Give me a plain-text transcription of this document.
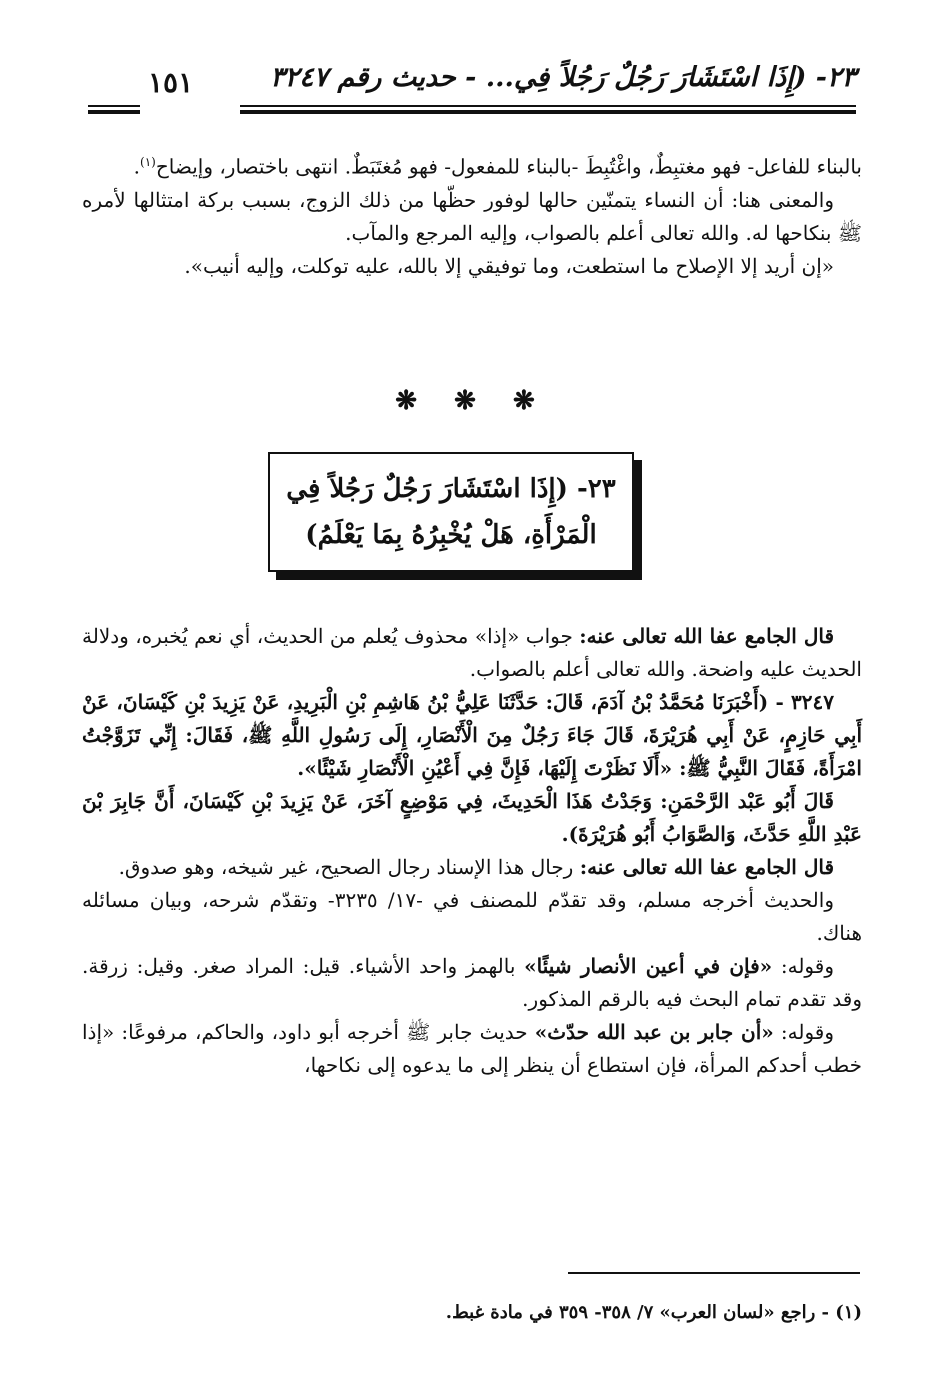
٢٣- (إِذَا اسْتَشَارَ رَجُلٌ رَجُلاً فِي... - حديث رقم ٣٢٤٧
١٥١

بالبناء للفاعل- فهو مغتبِطٌ، واغْتُبِطَ -بالبناء للمفعول- فهو مُغتَبَطٌ. انتهى باختصار، وإيضاح$^{(١)}$.

والمعنى هنا: أن النساء يتمنّين حالها لوفور حظّها من ذلك الزوج، بسبب بركة امتثالها لأمره ﷺ بنكاحها له. والله تعالى أعلم بالصواب، وإليه المرجع والمآب.

«إن أريد إلا الإصلاح ما استطعت، وما توفيقي إلا بالله، عليه توكلت، وإليه أنيب».

❋ ❋ ❋
٢٣- (إِذَا اسْتَشَارَ رَجُلٌ رَجُلاً فِي
الْمَرْأَةِ، هَلْ يُخْبِرُهُ بِمَا يَعْلَمُ)

قال الجامع عفا الله تعالى عنه: جواب «إذا» محذوف يُعلم من الحديث، أي نعم يُخبره، ودلالة الحديث عليه واضحة. والله تعالى أعلم بالصواب.

٣٢٤٧ - (أَخْبَرَنَا مُحَمَّدُ بْنُ آدَمَ، قَالَ: حَدَّثَنَا عَلِيُّ بْنُ هَاشِمِ بْنِ الْبَرِيدِ، عَنْ يَزِيدَ بْنِ كَيْسَانَ، عَنْ أَبِي حَازِمٍ، عَنْ أَبِي هُرَيْرَةَ، قَالَ جَاءَ رَجُلٌ مِنَ الْأَنْصَارِ، إِلَى رَسُولِ اللَّهِ ﷺ، فَقَالَ: إِنِّي تَزَوَّجْتُ امْرَأَةً، فَقَالَ النَّبِيُّ ﷺ: «أَلَا نَظَرْتَ إِلَيْهَا، فَإِنَّ فِي أَعْيُنِ الْأَنْصَارِ شَيْئًا».

قَالَ أَبُو عَبْد الرَّحْمَنِ: وَجَدْتُ هَذَا الْحَدِيثَ، فِي مَوْضِعٍ آخَرَ، عَنْ يَزِيدَ بْنِ كَيْسَانَ، أَنَّ جَابِرَ بْنَ عَبْدِ اللَّهِ حَدَّثَ، وَالصَّوَابُ أَبُو هُرَيْرَةَ).

قال الجامع عفا الله تعالى عنه: رجال هذا الإسناد رجال الصحيح، غير شيخه، وهو صدوق.

والحديث أخرجه مسلم، وقد تقدّم للمصنف في -١٧/ ٣٢٣٥- وتقدّم شرحه، وبيان مسائله هناك.

وقوله: «فإن في أعين الأنصار شيئًا» بالهمز واحد الأشياء. قيل: المراد صغر. وقيل: زرقة. وقد تقدم تمام البحث فيه بالرقم المذكور.

وقوله: «أن جابر بن عبد الله حدّث» حديث جابر ﷺ أخرجه أبو داود، والحاكم، مرفوعًا: «إذا خطب أحدكم المرأة، فإن استطاع أن ينظر إلى ما يدعوه إلى نكاحها،

(١) - راجع «لسان العرب» ٧/ ٣٥٨- ٣٥٩ في مادة غبط.
